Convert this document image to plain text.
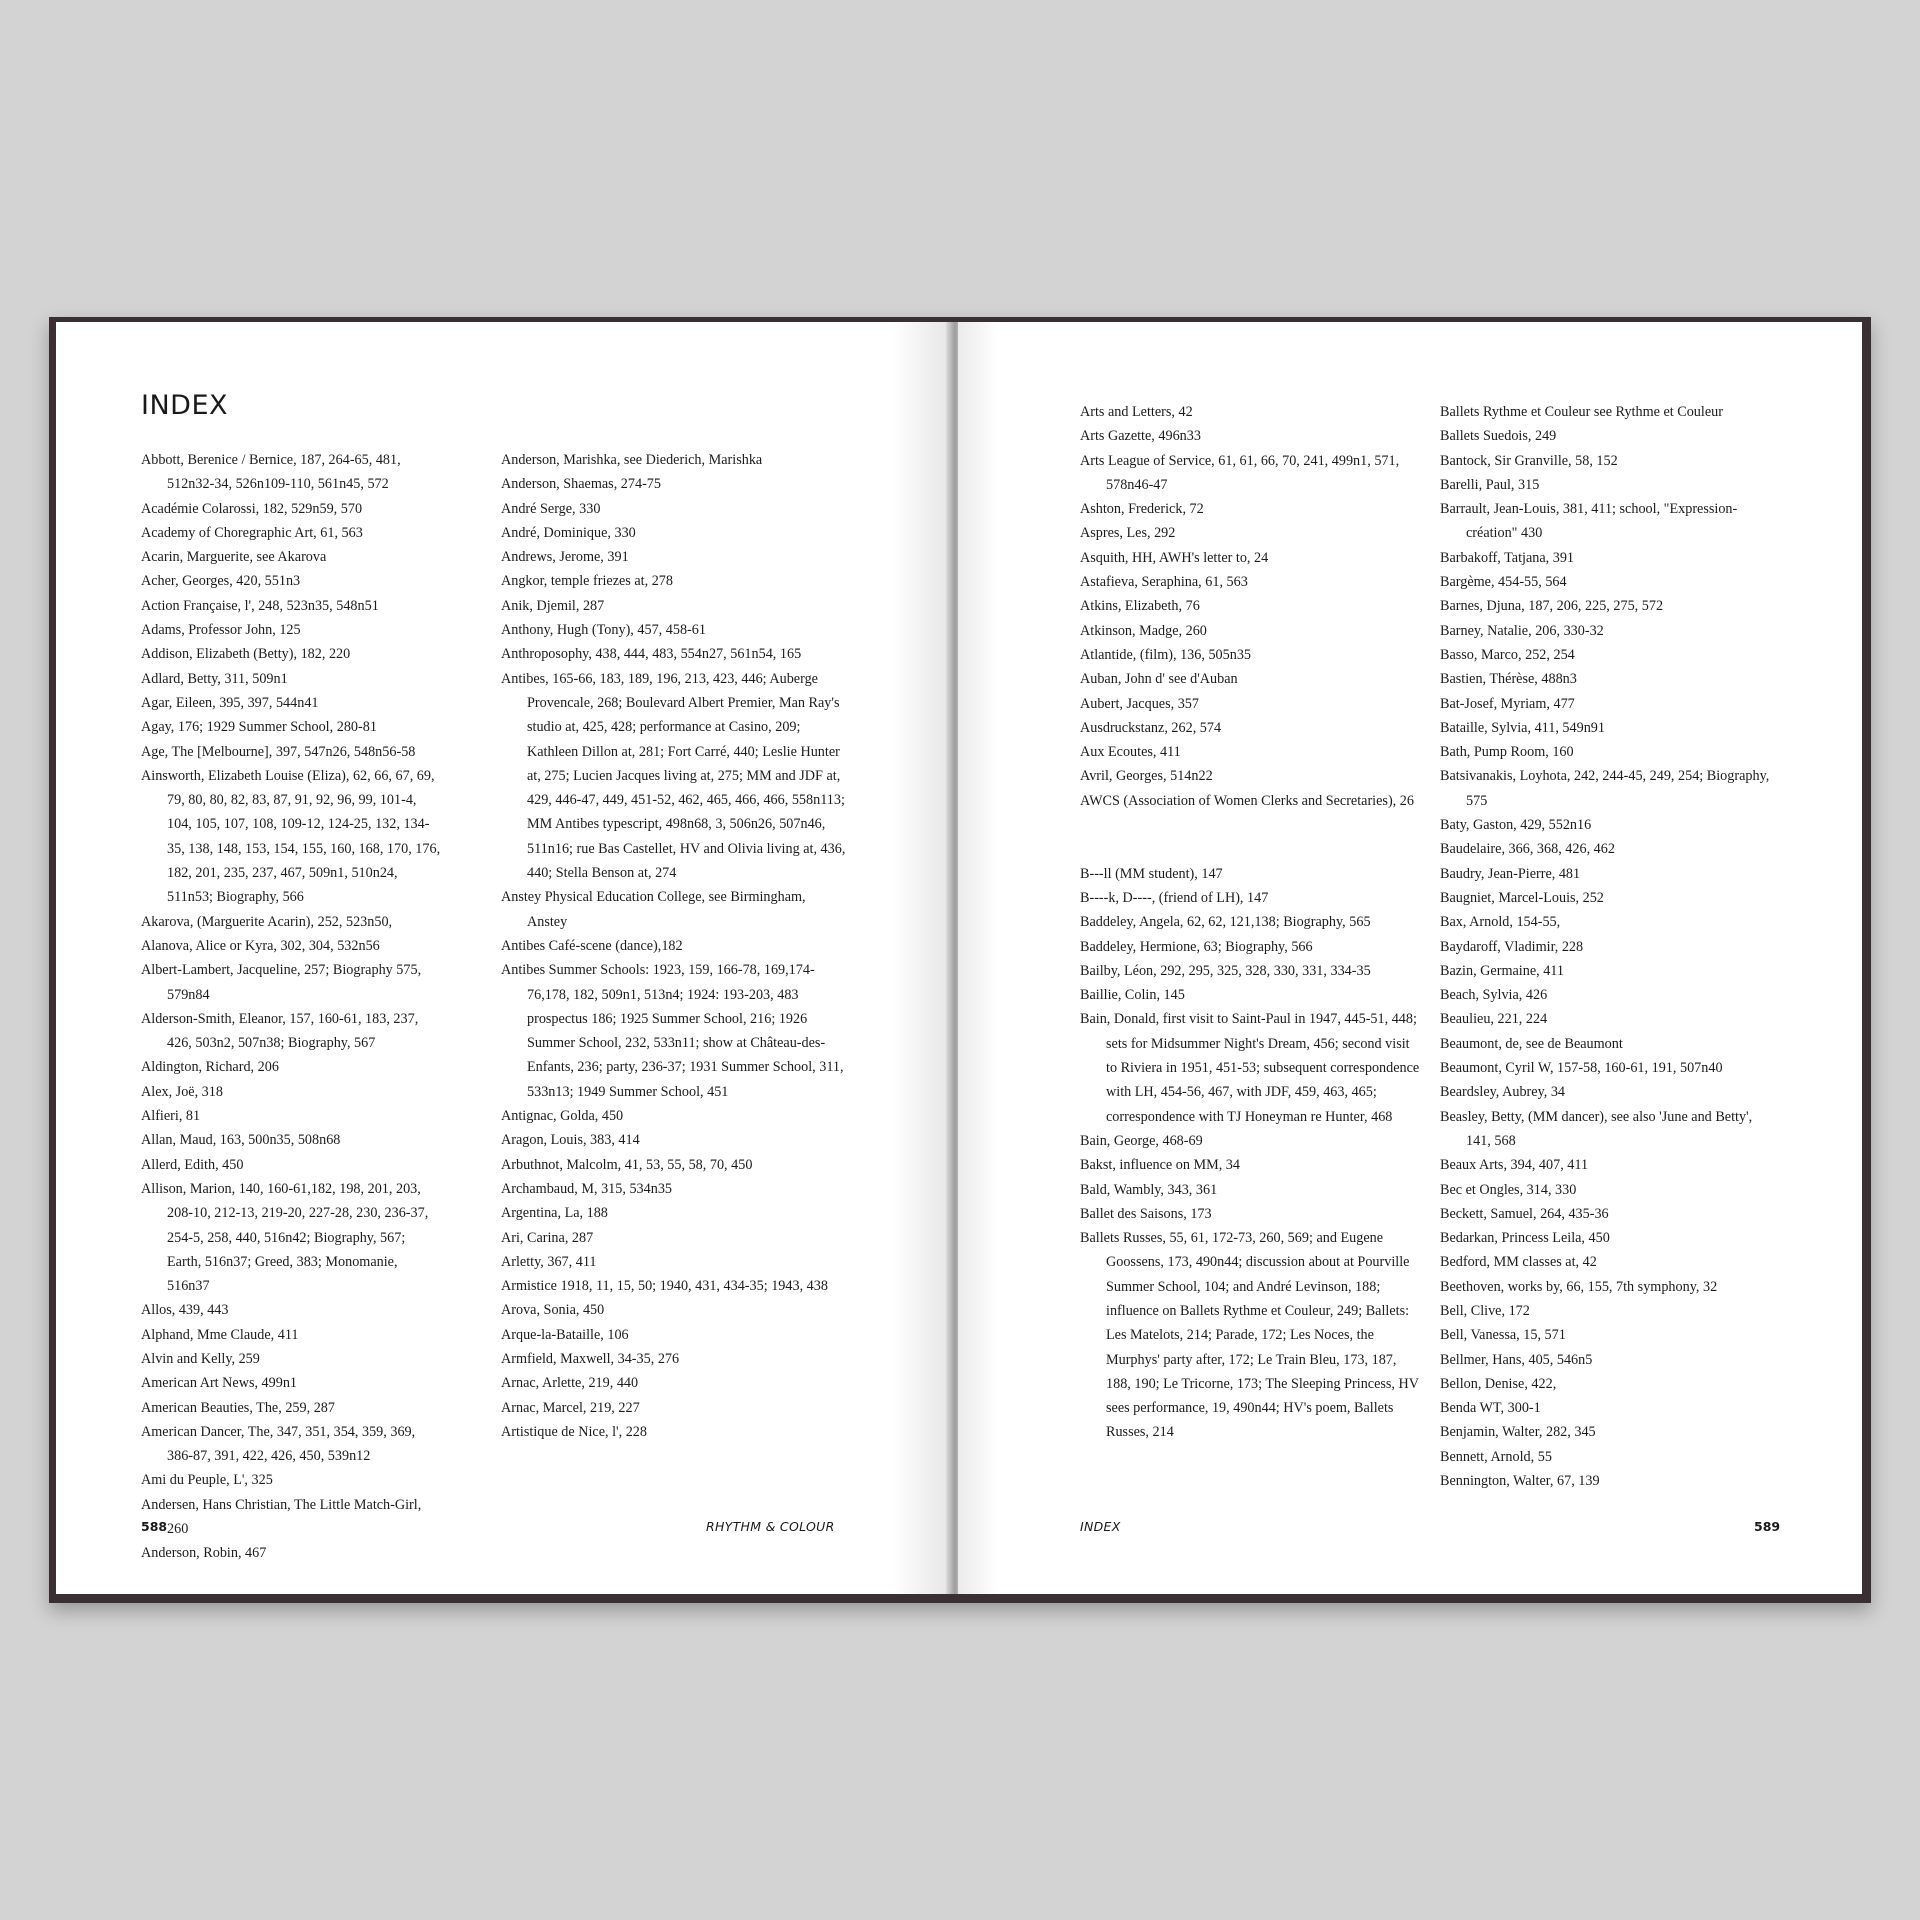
INDEX
Abbott, Berenice / Bernice, 187, 264-65, 481, 512n32-34, 526n109-110, 561n45, 572
Académie Colarossi, 182, 529n59, 570
Academy of Choregraphic Art, 61, 563
Acarin, Marguerite, see Akarova
Acher, Georges, 420, 551n3
Action Française, l', 248, 523n35, 548n51
Adams, Professor John, 125
Addison, Elizabeth (Betty), 182, 220
Adlard, Betty, 311, 509n1
Agar, Eileen, 395, 397, 544n41
Agay, 176; 1929 Summer School, 280-81
Age, The [Melbourne], 397, 547n26, 548n56-58
Ainsworth, Elizabeth Louise (Eliza), 62, 66, 67, 69, 79, 80, 80, 82, 83, 87, 91, 92, 96, 99, 101-4, 104, 105, 107, 108, 109-12, 124-25, 132, 134-35, 138, 148, 153, 154, 155, 160, 168, 170, 176, 182, 201, 235, 237, 467, 509n1, 510n24, 511n53; Biography, 566
Akarova, (Marguerite Acarin), 252, 523n50,
Alanova, Alice or Kyra, 302, 304, 532n56
Albert-Lambert, Jacqueline, 257; Biography 575, 579n84
Alderson-Smith, Eleanor, 157, 160-61, 183, 237, 426, 503n2, 507n38; Biography, 567
Aldington, Richard, 206
Alex, Joë, 318
Alfieri, 81
Allan, Maud, 163, 500n35, 508n68
Allerd, Edith, 450
Allison, Marion, 140, 160-61,182, 198, 201, 203, 208-10, 212-13, 219-20, 227-28, 230, 236-37, 254-5, 258, 440, 516n42; Biography, 567; Earth, 516n37; Greed, 383; Monomanie, 516n37
Allos, 439, 443
Alphand, Mme Claude, 411
Alvin and Kelly, 259
American Art News, 499n1
American Beauties, The, 259, 287
American Dancer, The, 347, 351, 354, 359, 369, 386-87, 391, 422, 426, 450, 539n12
Ami du Peuple, L', 325
Andersen, Hans Christian, The Little Match-Girl, 260
Anderson, Robin, 467
Anderson, Marishka, see Diederich, Marishka
Anderson, Shaemas, 274-75
André Serge, 330
André, Dominique, 330
Andrews, Jerome, 391
Angkor, temple friezes at, 278
Anik, Djemil, 287
Anthony, Hugh (Tony), 457, 458-61
Anthroposophy, 438, 444, 483, 554n27, 561n54, 165
Antibes, 165-66, 183, 189, 196, 213, 423, 446; Auberge Provencale, 268; Boulevard Albert Premier, Man Ray's studio at, 425, 428; performance at Casino, 209; Kathleen Dillon at, 281; Fort Carré, 440; Leslie Hunter at, 275; Lucien Jacques living at, 275; MM and JDF at, 429, 446-47, 449, 451-52, 462, 465, 466, 466, 558n113; MM Antibes typescript, 498n68, 3, 506n26, 507n46, 511n16; rue Bas Castellet, HV and Olivia living at, 436, 440; Stella Benson at, 274
Anstey Physical Education College, see Birmingham, Anstey
Antibes Café-scene (dance),182
Antibes Summer Schools: 1923, 159, 166-78, 169,174-76,178, 182, 509n1, 513n4; 1924: 193-203, 483 prospectus 186; 1925 Summer School, 216; 1926 Summer School, 232, 533n11; show at Château-des-Enfants, 236; party, 236-37; 1931 Summer School, 311, 533n13; 1949 Summer School, 451
Antignac, Golda, 450
Aragon, Louis, 383, 414
Arbuthnot, Malcolm, 41, 53, 55, 58, 70, 450
Archambaud, M, 315, 534n35
Argentina, La, 188
Ari, Carina, 287
Arletty, 367, 411
Armistice 1918, 11, 15, 50; 1940, 431, 434-35; 1943, 438
Arova, Sonia, 450
Arque-la-Bataille, 106
Armfield, Maxwell, 34-35, 276
Arnac, Arlette, 219, 440
Arnac, Marcel, 219, 227
Artistique de Nice, l', 228
588	RHYTHM & COLOUR
Arts and Letters, 42
Arts Gazette, 496n33
Arts League of Service, 61, 61, 66, 70, 241, 499n1, 571, 578n46-47
Ashton, Frederick, 72
Aspres, Les, 292
Asquith, HH, AWH's letter to, 24
Astafieva, Seraphina, 61, 563
Atkins, Elizabeth, 76
Atkinson, Madge, 260
Atlantide, (film), 136, 505n35
Auban, John d' see d'Auban
Aubert, Jacques, 357
Ausdruckstanz, 262, 574
Aux Ecoutes, 411
Avril, Georges, 514n22
AWCS (Association of Women Clerks and Secretaries), 26
B---ll (MM student), 147
B----k, D----, (friend of LH), 147
Baddeley, Angela, 62, 62, 121,138; Biography, 565
Baddeley, Hermione, 63; Biography, 566
Bailby, Léon, 292, 295, 325, 328, 330, 331, 334-35
Baillie, Colin, 145
Bain, Donald, first visit to Saint-Paul in 1947, 445-51, 448; sets for Midsummer Night's Dream, 456; second visit to Riviera in 1951, 451-53; subsequent correspondence with LH, 454-56, 467, with JDF, 459, 463, 465; correspondence with TJ Honeyman re Hunter, 468
Bain, George, 468-69
Bakst, influence on MM, 34
Bald, Wambly, 343, 361
Ballet des Saisons, 173
Ballets Russes, 55, 61, 172-73, 260, 569; and Eugene Goossens, 173, 490n44; discussion about at Pourville Summer School, 104; and André Levinson, 188; influence on Ballets Rythme et Couleur, 249; Ballets: Les Matelots, 214; Parade, 172; Les Noces, the Murphys' party after, 172; Le Train Bleu, 173, 187, 188, 190; Le Tricorne, 173; The Sleeping Princess, HV sees performance, 19, 490n44; HV's poem, Ballets Russes, 214
Ballets Rythme et Couleur see Rythme et Couleur
Ballets Suedois, 249
Bantock, Sir Granville, 58, 152
Barelli, Paul, 315
Barrault, Jean-Louis, 381, 411; school, "Expression-création" 430
Barbakoff, Tatjana, 391
Bargème, 454-55, 564
Barnes, Djuna, 187, 206, 225, 275, 572
Barney, Natalie, 206, 330-32
Basso, Marco, 252, 254
Bastien, Thérèse, 488n3
Bat-Josef, Myriam, 477
Bataille, Sylvia, 411, 549n91
Bath, Pump Room, 160
Batsivanakis, Loyhota, 242, 244-45, 249, 254; Biography, 575
Baty, Gaston, 429, 552n16
Baudelaire, 366, 368, 426, 462
Baudry, Jean-Pierre, 481
Baugniet, Marcel-Louis, 252
Bax, Arnold, 154-55,
Baydaroff, Vladimir, 228
Bazin, Germaine, 411
Beach, Sylvia, 426
Beaulieu, 221, 224
Beaumont, de, see de Beaumont
Beaumont, Cyril W, 157-58, 160-61, 191, 507n40
Beardsley, Aubrey, 34
Beasley, Betty, (MM dancer), see also 'June and Betty', 141, 568
Beaux Arts, 394, 407, 411
Bec et Ongles, 314, 330
Beckett, Samuel, 264, 435-36
Bedarkan, Princess Leila, 450
Bedford, MM classes at, 42
Beethoven, works by, 66, 155, 7th symphony, 32
Bell, Clive, 172
Bell, Vanessa, 15, 571
Bellmer, Hans, 405, 546n5
Bellon, Denise, 422,
Benda WT, 300-1
Benjamin, Walter, 282, 345
Bennett, Arnold, 55
Bennington, Walter, 67, 139
INDEX	589
